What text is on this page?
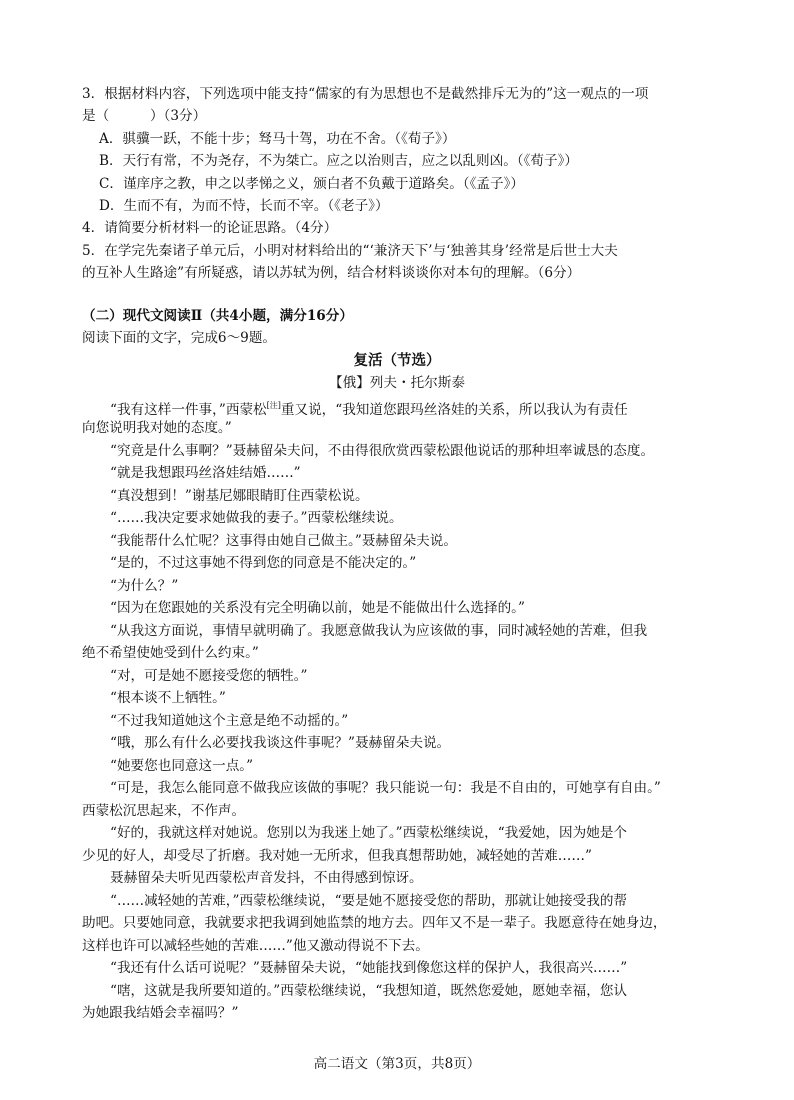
3．根据材料内容，下列选项中能支持“儒家的有为思想也不是截然排斥无为的”这一观点的一项
是（　　　）（3分）
A．骐骥一跃，不能十步；驽马十驾，功在不舍。（《荀子》）
B．天行有常，不为尧存，不为桀亡。应之以治则吉，应之以乱则凶。（《荀子》）
C．谨庠序之教，申之以孝悌之义，颁白者不负戴于道路矣。（《孟子》）
D．生而不有，为而不恃，长而不宰。（《老子》）
4．请简要分析材料一的论证思路。（4分）
5．在学完先秦诸子单元后，小明对材料给出的“‘兼济天下’与‘独善其身’经常是后世士大夫
的互补人生路途”有所疑惑，请以苏轼为例，结合材料谈谈你对本句的理解。（6分）
（二）现代文阅读Ⅱ（共4小题，满分16分）
阅读下面的文字，完成6～9题。
复活（节选）
【俄】列夫・托尔斯泰
“我有这样一件事，”西蒙松[注]重又说，“我知道您跟玛丝洛娃的关系，所以我认为有责任
向您说明我对她的态度。”
“究竟是什么事啊？”聂赫留朵夫问，不由得很欣赏西蒙松跟他说话的那种坦率诚恳的态度。
“就是我想跟玛丝洛娃结婚……”
“真没想到！”谢基尼娜眼睛盯住西蒙松说。
“……我决定要求她做我的妻子。”西蒙松继续说。
“我能帮什么忙呢？这事得由她自己做主。”聂赫留朵夫说。
“是的，不过这事她不得到您的同意是不能决定的。”
“为什么？”
“因为在您跟她的关系没有完全明确以前，她是不能做出什么选择的。”
“从我这方面说，事情早就明确了。我愿意做我认为应该做的事，同时减轻她的苦难，但我
绝不希望使她受到什么约束。”
“对，可是她不愿接受您的牺牲。”
“根本谈不上牺牲。”
“不过我知道她这个主意是绝不动摇的。”
“哦，那么有什么必要找我谈这件事呢？”聂赫留朵夫说。
“她要您也同意这一点。”
“可是，我怎么能同意不做我应该做的事呢？我只能说一句：我是不自由的，可她享有自由。”
西蒙松沉思起来，不作声。
“好的，我就这样对她说。您别以为我迷上她了。”西蒙松继续说，“我爱她，因为她是个
少见的好人，却受尽了折磨。我对她一无所求，但我真想帮助她，减轻她的苦难……”
聂赫留朵夫听见西蒙松声音发抖，不由得感到惊讶。
“……减轻她的苦难，”西蒙松继续说，“要是她不愿接受您的帮助，那就让她接受我的帮
助吧。只要她同意，我就要求把我调到她监禁的地方去。四年又不是一辈子。我愿意待在她身边，
这样也许可以减轻些她的苦难……”他又激动得说不下去。
“我还有什么话可说呢？”聂赫留朵夫说，“她能找到像您这样的保护人，我很高兴……”
“嗐，这就是我所要知道的。”西蒙松继续说，“我想知道，既然您爱她，愿她幸福，您认
为她跟我结婚会幸福吗？”
高二语文（第3页，共8页）
